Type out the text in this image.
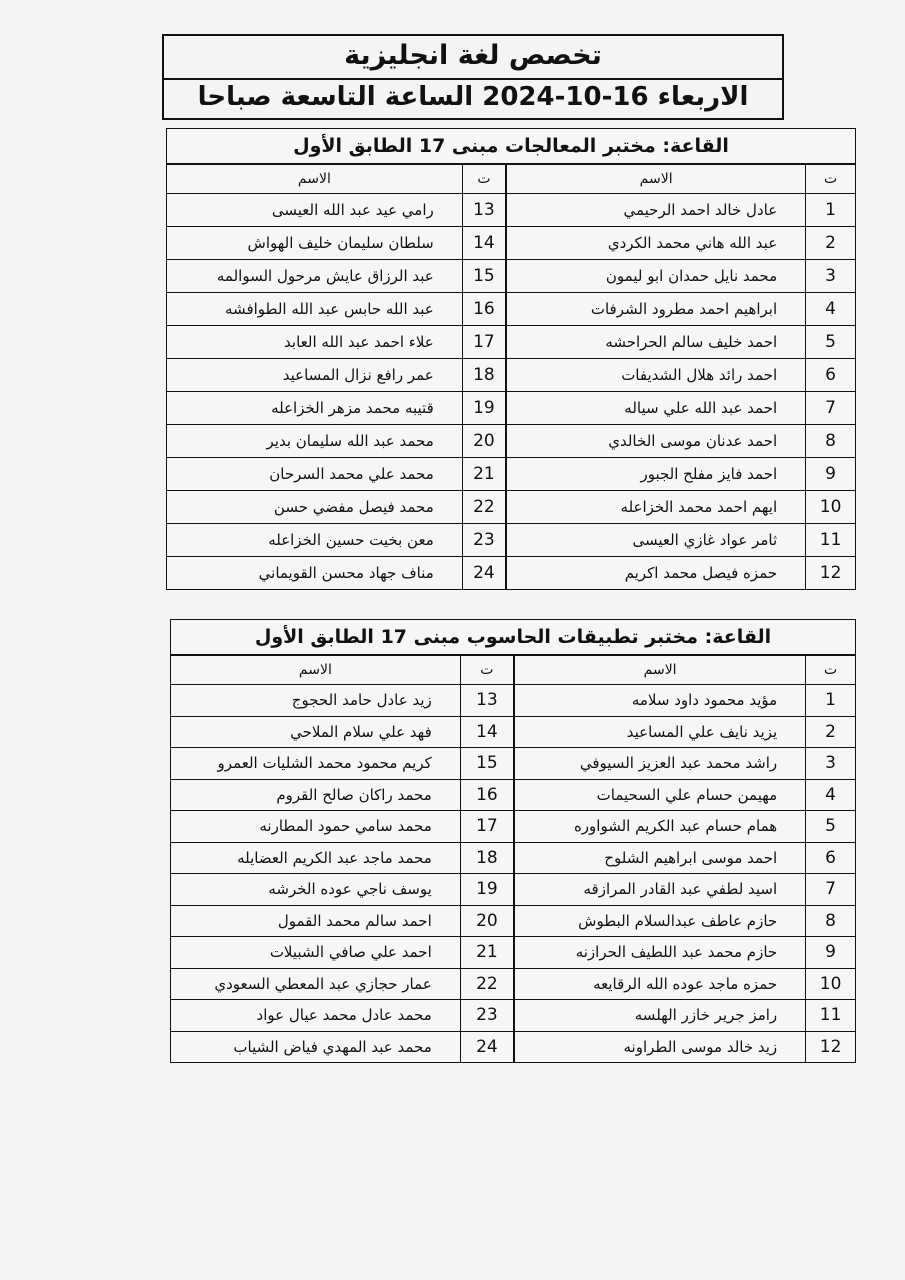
تخصص لغة انجليزية
الاربعاء 16-10-2024 الساعة التاسعة صباحا
القاعة: مختبر المعالجات مبنى 17 الطابق الأول			
ت	الاسم	ت	الاسم
1	عادل خالد احمد الرحيمي	13	رامي عيد عبد الله العيسى
2	عبد الله هاني محمد الكردي	14	سلطان سليمان خليف الهواش
3	محمد نايل حمدان ابو ليمون	15	عبد الرزاق عايش مرحول السوالمه
4	ابراهيم احمد مطرود الشرفات	16	عبد الله حابس عبد الله الطوافشه
5	احمد خليف سالم الحراحشه	17	علاء احمد عبد الله العابد
6	احمد رائد هلال الشديفات	18	عمر رافع نزال المساعيد
7	احمد عبد الله علي سياله	19	قتيبه محمد مزهر الخزاعله
8	احمد عدنان موسى الخالدي	20	محمد عبد الله سليمان بدير
9	احمد فايز مفلح الجبور	21	محمد علي محمد السرحان
10	ايهم احمد محمد الخزاعله	22	محمد فيصل مفضي حسن
11	ثامر عواد غازي العيسى	23	معن بخيت حسين الخزاعله
12	حمزه فيصل محمد اكريم	24	مناف جهاد محسن القويماني
القاعة: مختبر تطبيقات الحاسوب مبنى 17 الطابق الأول			
ت	الاسم	ت	الاسم
1	مؤيد محمود داود سلامه	13	زيد عادل حامد الحجوج
2	يزيد نايف علي المساعيد	14	فهد علي سلام الملاحي
3	راشد محمد عبد العزيز السيوفي	15	كريم محمود محمد الشليات العمرو
4	مهيمن حسام علي السحيمات	16	محمد راكان صالح القروم
5	همام حسام عبد الكريم الشواوره	17	محمد سامي حمود المطارنه
6	احمد موسى ابراهيم الشلوح	18	محمد ماجد عبد الكريم العضايله
7	اسيد لطفي عبد القادر المرازقه	19	يوسف ناجي عوده الخرشه
8	حازم عاطف عبدالسلام البطوش	20	احمد سالم محمد القمول
9	حازم محمد عبد اللطيف الحرازنه	21	احمد علي صافي الشبيلات
10	حمزه ماجد عوده الله الرقايعه	22	عمار حجازي عبد المعطي السعودي
11	رامز جرير خازر الهلسه	23	محمد عادل محمد عيال عواد
12	زيد خالد موسى الطراونه	24	محمد عبد المهدي فياض الشياب
